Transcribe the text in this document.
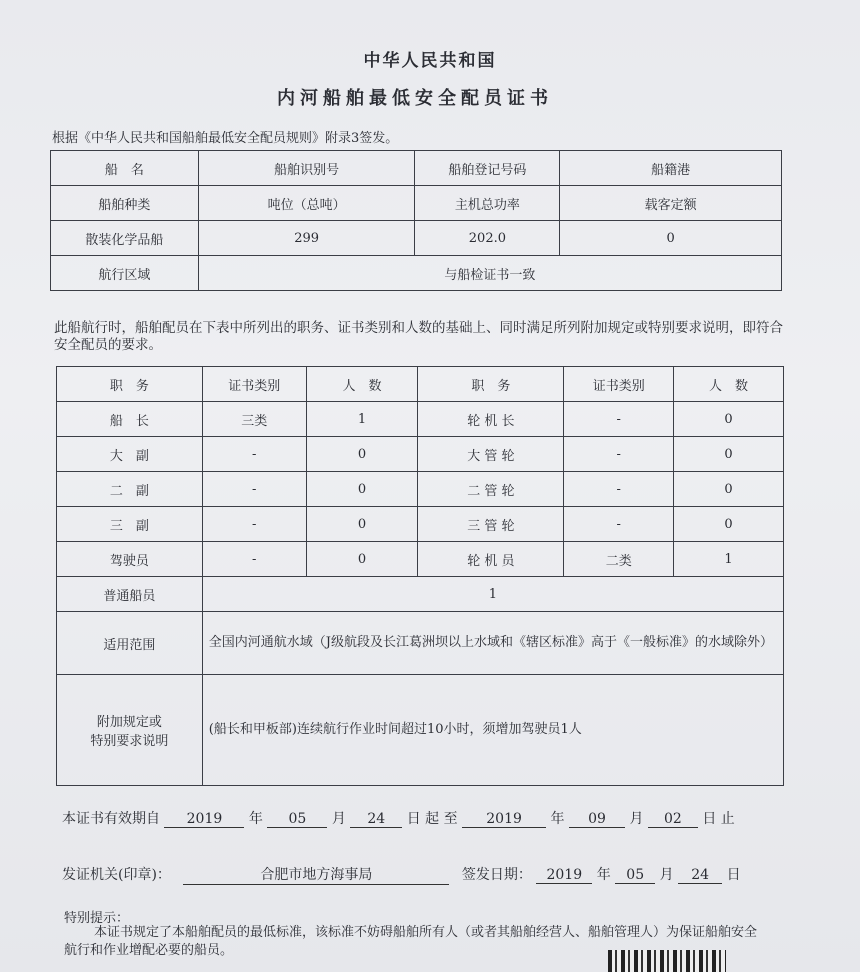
中华人民共和国
内河船舶最低安全配员证书
根据《中华人民共和国船舶最低安全配员规则》附录3签发。
船　名	船舶识别号	船舶登记号码	船籍港
船舶种类	吨位（总吨）	主机总功率	载客定额
散装化学品船	299	202.0	0
航行区域	与船检证书一致		
此船航行时，船舶配员在下表中所列出的职务、证书类别和人数的基础上、同时满足所列附加规定或特别要求说明，即符合安全配员的要求。
职　务	证书类别	人　数	职　务	证书类别	人　数
船　长	三类	1	轮 机 长	-	0
大　副	-	0	大 管 轮	-	0
二　副	-	0	二 管 轮	-	0
三　副	-	0	三 管 轮	-	0
驾驶员	-	0	轮 机 员	二类	1
普通船员	1				
适用范围	全国内河通航水域（J级航段及长江葛洲坝以上水域和《辖区标准》高于《一般标准》的水域除外）				
附加规定或
特别要求说明	(船长和甲板部)连续航行作业时间超过10小时，须增加驾驶员1人				
本证书有效期自 2019 年 05 月 24 日 起 至 2019 年 09 月 02 日 止
发证机关(印章)：	合肥市地方海事局	签发日期： 2019 年 05 月 24 日
特别提示：
本证书规定了本船舶配员的最低标准，该标准不妨碍船舶所有人（或者其船舶经营人、船舶管理人）为保证船舶安全航行和作业增配必要的船员。
